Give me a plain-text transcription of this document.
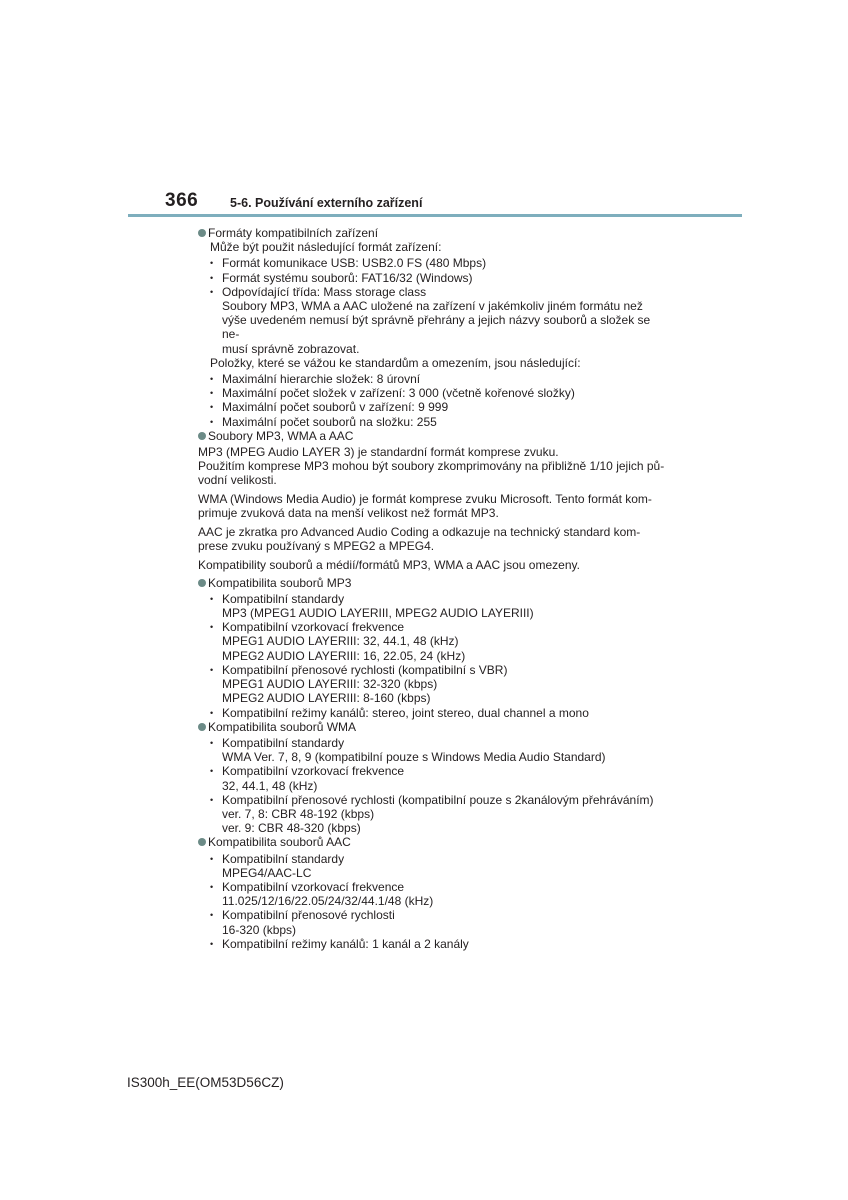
366	5-6. Používání externího zařízení

Formáty kompatibilních zařízení

Může být použit následující formát zařízení:

• Formát komunikace USB: USB2.0 FS (480 Mbps)
• Formát systému souborů: FAT16/32 (Windows)
• Odpovídající třída: Mass storage class
Soubory MP3, WMA a AAC uložené na zařízení v jakémkoliv jiném formátu než
výše uvedeném nemusí být správně přehrány a jejich názvy souborů a složek se ne-
musí správně zobrazovat.

Položky, které se vážou ke standardům a omezením, jsou následující:

• Maximální hierarchie složek: 8 úrovní
• Maximální počet složek v zařízení: 3 000 (včetně kořenové složky)
• Maximální počet souborů v zařízení: 9 999
• Maximální počet souborů na složku: 255

Soubory MP3, WMA a AAC

MP3 (MPEG Audio LAYER 3) je standardní formát komprese zvuku.
Použitím komprese MP3 mohou být soubory zkomprimovány na přibližně 1/10 jejich pů-
vodní velikosti.
WMA (Windows Media Audio) je formát komprese zvuku Microsoft. Tento formát kom-
primuje zvuková data na menší velikost než formát MP3.
AAC je zkratka pro Advanced Audio Coding a odkazuje na technický standard kom-
prese zvuku používaný s MPEG2 a MPEG4.

Kompatibility souborů a médií/formátů MP3, WMA a AAC jsou omezeny.

Kompatibilita souborů MP3

• Kompatibilní standardy
MP3 (MPEG1 AUDIO LAYERIII, MPEG2 AUDIO LAYERIII)
• Kompatibilní vzorkovací frekvence
MPEG1 AUDIO LAYERIII: 32, 44.1, 48 (kHz)
MPEG2 AUDIO LAYERIII: 16, 22.05, 24 (kHz)
• Kompatibilní přenosové rychlosti (kompatibilní s VBR)
MPEG1 AUDIO LAYERIII: 32-320 (kbps)
MPEG2 AUDIO LAYERIII: 8-160 (kbps)
• Kompatibilní režimy kanálů: stereo, joint stereo, dual channel a mono

Kompatibilita souborů WMA

• Kompatibilní standardy
WMA Ver. 7, 8, 9 (kompatibilní pouze s Windows Media Audio Standard)
• Kompatibilní vzorkovací frekvence
32, 44.1, 48 (kHz)
• Kompatibilní přenosové rychlosti (kompatibilní pouze s 2kanálovým přehráváním)
ver. 7, 8: CBR 48-192 (kbps)
ver. 9: CBR 48-320 (kbps)

Kompatibilita souborů AAC

• Kompatibilní standardy
MPEG4/AAC-LC
• Kompatibilní vzorkovací frekvence
11.025/12/16/22.05/24/32/44.1/48 (kHz)
• Kompatibilní přenosové rychlosti
16-320 (kbps)
• Kompatibilní režimy kanálů: 1 kanál a 2 kanály
IS300h_EE(OM53D56CZ)
